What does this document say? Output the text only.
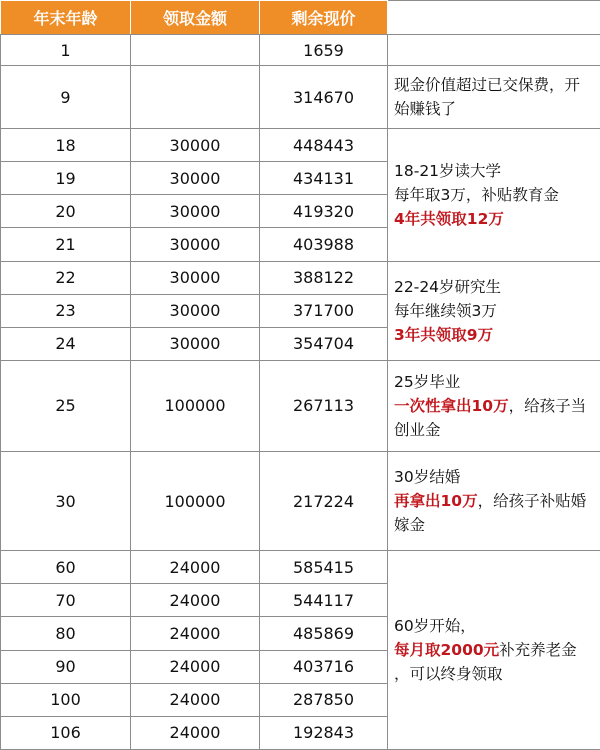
年末年龄	领取金额	剩余现价	
1		1659	
9		314670	现金价值超过已交保费，开
始赚钱了

18	30000	448443	18-21岁读大学
每年取3万，补贴教育金
4年共领取12万

19	30000	434131	
20	30000	419320	
21	30000	403988	
22	30000	388122	22-24岁研究生
每年继续领3万
3年共领取9万

23	30000	371700	
24	30000	354704	
25	100000	267113	25岁毕业
一次性拿出10万，给孩子当
创业金

30	100000	217224	30岁结婚
再拿出10万，给孩子补贴婚
嫁金

60	24000	585415	60岁开始，
每月取2000元补充养老金
，可以终身领取

70	24000	544117	
80	24000	485869	
90	24000	403716	
100	24000	287850	
106	24000	192843	
